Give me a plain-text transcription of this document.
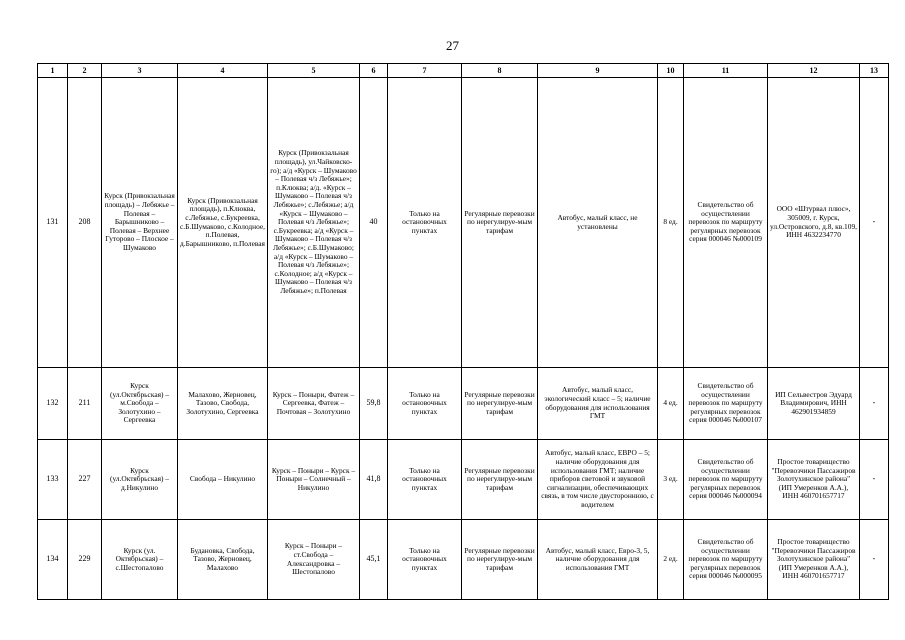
27
1	2	3	4	5	6	7	8	9	10	11	12	13
131	208	Курск (Привокзальная площадь) – Лебяжье – Полевая – Барышниково – Полевая – Верхнее Гуторово – Плоское – Шумаково	Курск (Привокзальная площадь), п.Клюква, с.Лебяжье, с.Букреевка, с.Б.Шумаково, с.Колодное, п.Полевая, д.Барышниково, п.Полевая	Курск (Привокзальная площадь), ул.Чайковско-го); а/д «Курск – Шумаково – Полевая ч/з Лебяжье»; п.Клюква; а/д. «Курск – Шумаково – Полевая ч/з Лебяжье»; с.Лебяжье; а/д «Курск – Шумаково – Полевая ч/з Лебяжье»; с.Букреевка; а/д «Курск – Шумаково – Полевая ч/з Лебяжье»; с.Б.Шумаково; а/д «Курск – Шумаково – Полевая ч/з Лебяжье»; с.Колодное; а/д «Курск – Шумаково – Полевая ч/з Лебяжье»; п.Полевая	40	Только на остановочных пунктах	Регулярные перевозки по нерегулируе-мым тарифам	Автобус, малый класс, не установлены	8 ед.	Свидетельство об осуществлении перевозок по маршруту регулярных перевозок серия 000046 №000109	ООО «Штурвал плюс», 305009, г. Курск, ул.Островского, д.8, кв.109, ИНН 4632234770	-
132	211	Курск (ул.Октябрьская) – м.Свобода – Золотухино – Сергеевка	Малахово, Жерновец, Тазово, Свобода, Золотухино, Сергеевка	Курск – Поныри, Фатеж – Сергеевка, Фатеж – Почтовая – Золотухино	59,8	Только на остановочных пунктах	Регулярные перевозки по нерегулируе-мым тарифам	Автобус, малый класс, экологический класс – 5; наличие оборудования для использования ГМТ	4 ед.	Свидетельство об осуществлении перевозок по маршруту регулярных перевозок серия 000046 №000107	ИП Сельвестров Эдуард Владимирович, ИНН 462901934859	-
133	227	Курск (ул.Октябрьская) – д.Никулино	Свобода – Никулино	Курск – Поныри – Курск – Поныри – Солнечный – Никулино	41,8	Только на остановочных пунктах	Регулярные перевозки по нерегулируе-мым тарифам	Автобус, малый класс, ЕВРО – 5; наличие оборудования для использования ГМТ; наличие приборов световой и звуковой сигнализации, обеспечивающих связь, в том числе двустороннюю, с водителем	3 ед.	Свидетельство об осуществлении перевозок по маршруту регулярных перевозок серия 000046 №000094	Простое товарищество "Перевозчики Пассажиров Золотухинское района" (ИП Умеренков А.А.), ИНН 460701657717	-
134	229	Курск (ул. Октябрьская) – с.Шестопалово	Будановка, Свобода, Тазово, Жерновец, Малахово	Курск – Поныри – ст.Свобода – Александровка – Шестопалово	45,1	Только на остановочных пунктах	Регулярные перевозки по нерегулируе-мым тарифам	Автобус, малый класс, Евро-3, 5, наличие оборудования для использования ГМТ	2 ед.	Свидетельство об осуществлении перевозок по маршруту регулярных перевозок серия 000046 №000095	Простое товарищество "Перевозчики Пассажиров Золотухинское района" (ИП Умеренков А.А.), ИНН 460701657717	-
